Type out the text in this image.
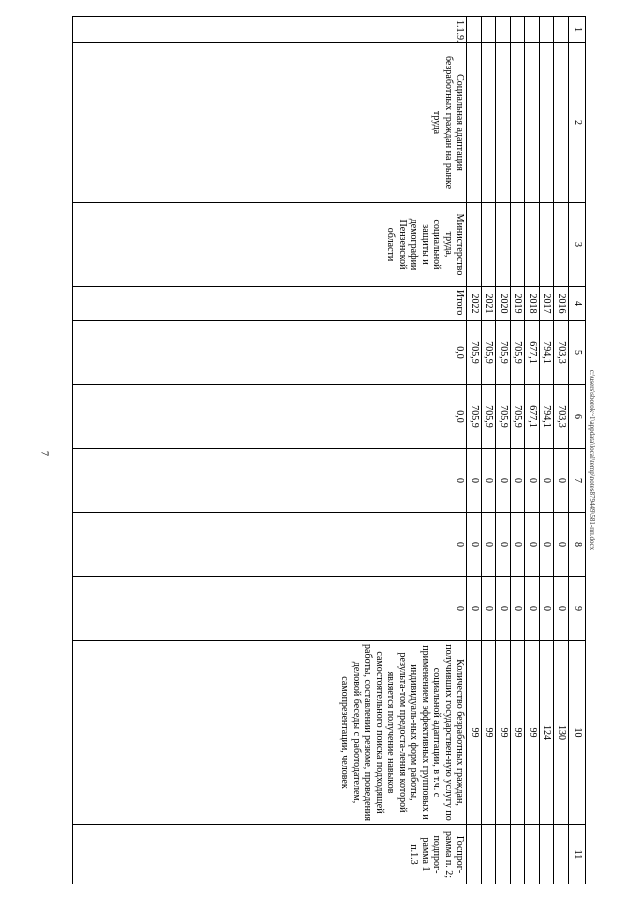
7
1	2	3	4	5	6	7	8	9	10	11
			2016	703,3	703,3	0	0	0	130	
			2017	794,1	794,1	0	0	0	124	
			2018	677,1	677,1	0	0	0	99	
			2019	705,9	705,9	0	0	0	99	
			2020	705,9	705,9	0	0	0	99	
			2021	705,9	705,9	0	0	0	99	
			2022	705,9	705,9	0	0	0	99	
1.1.9.	Социальная адаптация безработных граждан на рынке труда	Министерство труда, социальной защиты и демографии Пензенской области	Итого	0,0	0,0	0	0	0	Количество безработных граждан, получивших государствен-ную услугу по социальной адаптации, в т.ч. с применением эффективных групповых и индивидуаль-ных форм работы, результа-том предоста-ления которой является получение навыков самостоятельного поиска подходящей работы, составлении резюме, проведения деловой беседы с работодателем, самопрезентации, человек	Госпрог-рамма п. 2; подпрог-рамма 1 п.1.3
c:\users\sborok~1\appdata\local\temp\notes879449\581-пп.docx
